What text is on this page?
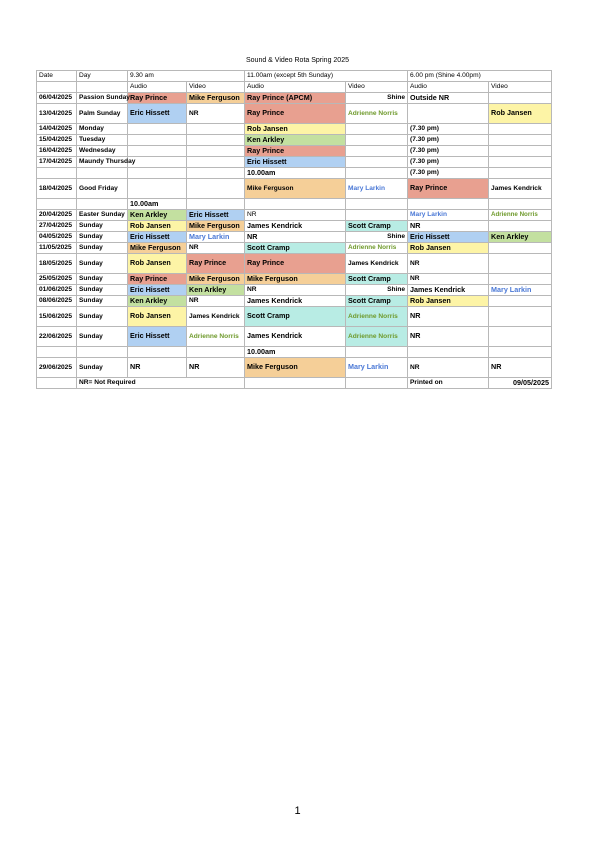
Sound & Video Rota Spring 2025
Date	Day	9.30 am		11.00am (except 5th Sunday)		6.00 pm (Shine 4.00pm)	
		Audio	Video	Audio	Video	Audio	Video
06/04/2025	Passion Sunday	Ray Prince	Mike Ferguson	Ray Prince (APCM)	Shine	Outside NR	
13/04/2025	Palm Sunday	Eric Hissett	NR	Ray Prince	Adrienne Norris		Rob Jansen
14/04/2025	Monday			Rob Jansen		(7.30 pm)	
15/04/2025	Tuesday			Ken Arkley		(7.30 pm)	
16/04/2025	Wednesday			Ray Prince		(7.30 pm)	
17/04/2025	Maundy Thursday			Eric Hissett		(7.30 pm)	
				10.00am		(7.30 pm)	
18/04/2025	Good Friday			Mike Ferguson	Mary Larkin	Ray Prince	James Kendrick
		10.00am					
20/04/2025	Easter Sunday	Ken Arkley	Eric Hissett	NR		Mary Larkin	Adrienne Norris
27/04/2025	Sunday	Rob Jansen	Mike Ferguson	James Kendrick	Scott Cramp	NR	
04/05/2025	Sunday	Eric Hissett	Mary Larkin	NR	Shine	Eric Hissett	Ken Arkley
11/05/2025	Sunday	Mike Ferguson	NR	Scott Cramp	Adrienne Norris	Rob Jansen	
18/05/2025	Sunday	Rob Jansen	Ray Prince	Ray Prince	James Kendrick	NR	
25/05/2025	Sunday	Ray Prince	Mike Ferguson	Mike Ferguson	Scott Cramp	NR	
01/06/2025	Sunday	Eric Hissett	Ken Arkley	NR	Shine	James Kendrick	Mary Larkin
08/06/2025	Sunday	Ken Arkley	NR	James Kendrick	Scott Cramp	Rob Jansen	
15/06/2025	Sunday	Rob Jansen	James Kendrick	Scott Cramp	Adrienne Norris	NR	
22/06/2025	Sunday	Eric Hissett	Adrienne Norris	James Kendrick	Adrienne Norris	NR	
				10.00am			
29/06/2025	Sunday	NR	NR	Mike Ferguson	Mary Larkin	NR	NR
	NR= Not Required					Printed on	09/05/2025
1
